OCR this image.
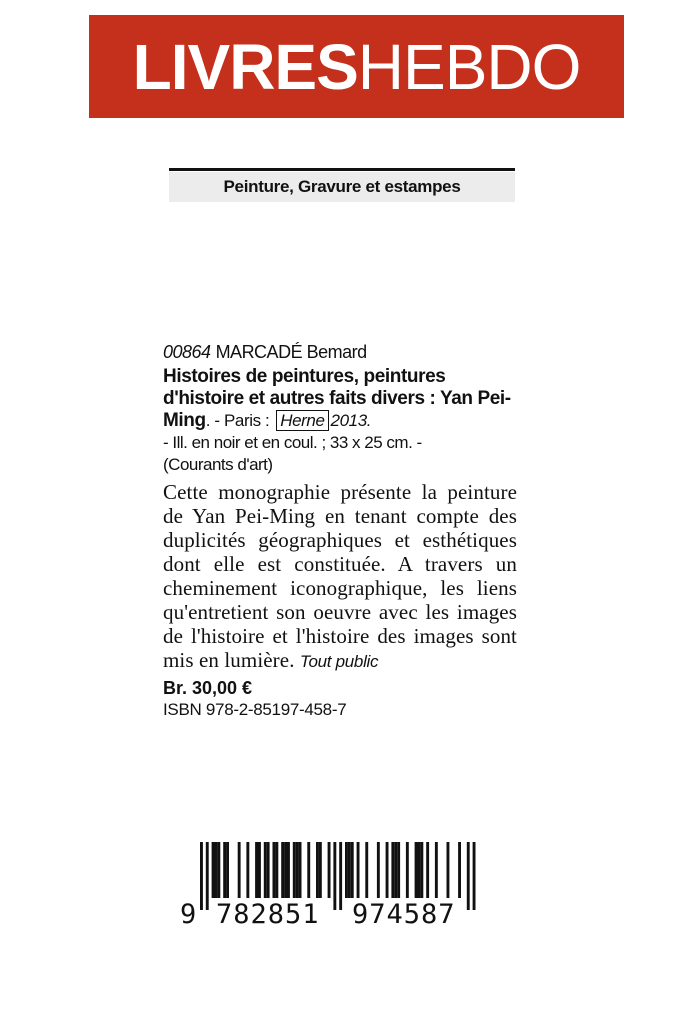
LIVRES HEBDO
Peinture, Gravure et estampes
00864 MARCADÉ Bemard
Histoires de peintures, peintures d'histoire et autres faits divers : Yan Pei-Ming. - Paris : Herne 2013.
- Ill. en noir et en coul. ; 33 x 25 cm. -
(Courants d'art)
Cette monographie présente la peinture de Yan Pei-Ming en tenant compte des duplicités géographiques et esthétiques dont elle est constituée. A travers un cheminement iconographique, les liens qu'entretient son oeuvre avec les images de l'histoire et l'histoire des images sont mis en lumière. Tout public
Br. 30,00 €
ISBN 978-2-85197-458-7
9 782851 974587
